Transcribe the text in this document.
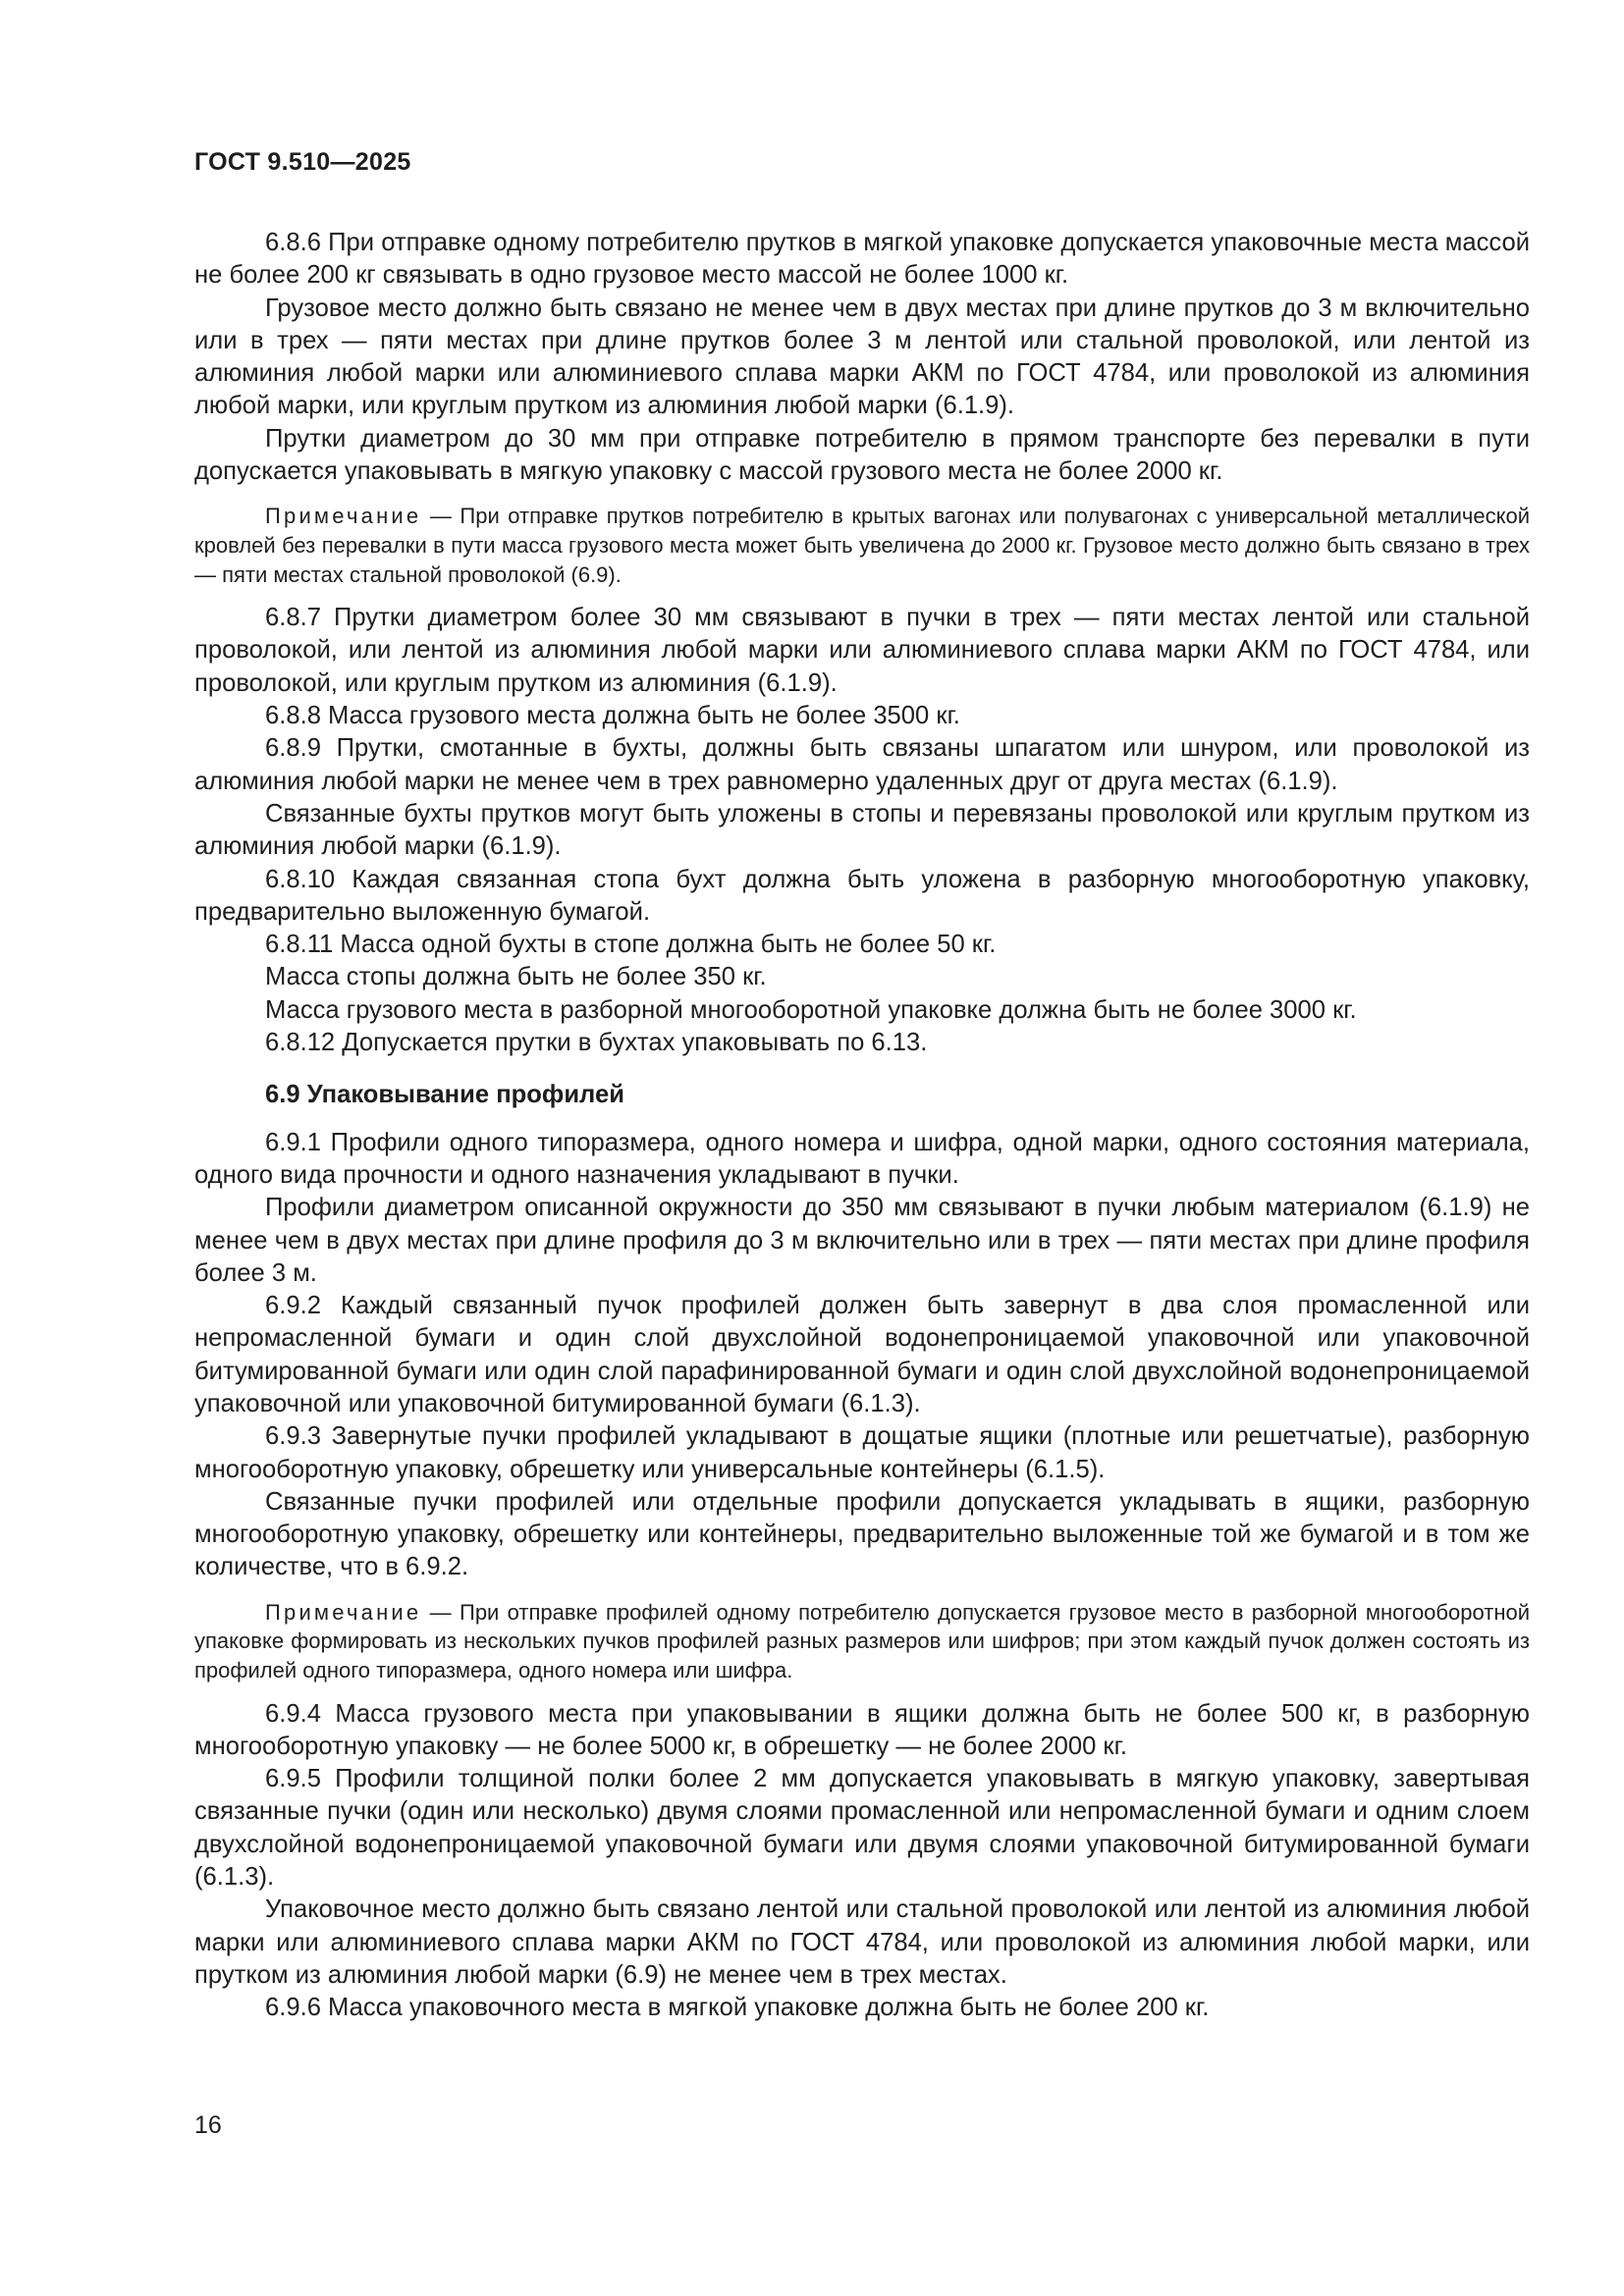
ГОСТ 9.510—2025

6.8.6 При отправке одному потребителю прутков в мягкой упаковке допускается упаковочные места массой не более 200 кг связывать в одно грузовое место массой не более 1000 кг.

Грузовое место должно быть связано не менее чем в двух местах при длине прутков до 3 м включительно или в трех — пяти местах при длине прутков более 3 м лентой или стальной проволокой, или лентой из алюминия любой марки или алюминиевого сплава марки АКМ по ГОСТ 4784, или проволокой из алюминия любой марки, или круглым прутком из алюминия любой марки (6.1.9).

Прутки диаметром до 30 мм при отправке потребителю в прямом транспорте без перевалки в пути допускается упаковывать в мягкую упаковку с массой грузового места не более 2000 кг.

Примечание — При отправке прутков потребителю в крытых вагонах или полувагонах с универсальной металлической кровлей без перевалки в пути масса грузового места может быть увеличена до 2000 кг. Грузовое место должно быть связано в трех — пяти местах стальной проволокой (6.9).

6.8.7 Прутки диаметром более 30 мм связывают в пучки в трех — пяти местах лентой или стальной проволокой, или лентой из алюминия любой марки или алюминиевого сплава марки АКМ по ГОСТ 4784, или проволокой, или круглым прутком из алюминия (6.1.9).

6.8.8 Масса грузового места должна быть не более 3500 кг.

6.8.9 Прутки, смотанные в бухты, должны быть связаны шпагатом или шнуром, или проволокой из алюминия любой марки не менее чем в трех равномерно удаленных друг от друга местах (6.1.9).

Связанные бухты прутков могут быть уложены в стопы и перевязаны проволокой или круглым прутком из алюминия любой марки (6.1.9).

6.8.10 Каждая связанная стопа бухт должна быть уложена в разборную многооборотную упаковку, предварительно выложенную бумагой.

6.8.11 Масса одной бухты в стопе должна быть не более 50 кг.

Масса стопы должна быть не более 350 кг.

Масса грузового места в разборной многооборотной упаковке должна быть не более 3000 кг.

6.8.12 Допускается прутки в бухтах упаковывать по 6.13.

6.9 Упаковывание профилей

6.9.1 Профили одного типоразмера, одного номера и шифра, одной марки, одного состояния материала, одного вида прочности и одного назначения укладывают в пучки.

Профили диаметром описанной окружности до 350 мм связывают в пучки любым материалом (6.1.9) не менее чем в двух местах при длине профиля до 3 м включительно или в трех — пяти местах при длине профиля более 3 м.

6.9.2 Каждый связанный пучок профилей должен быть завернут в два слоя промасленной или непромасленной бумаги и один слой двухслойной водонепроницаемой упаковочной или упаковочной битумированной бумаги или один слой парафинированной бумаги и один слой двухслойной водонепроницаемой упаковочной или упаковочной битумированной бумаги (6.1.3).

6.9.3 Завернутые пучки профилей укладывают в дощатые ящики (плотные или решетчатые), разборную многооборотную упаковку, обрешетку или универсальные контейнеры (6.1.5).

Связанные пучки профилей или отдельные профили допускается укладывать в ящики, разборную многооборотную упаковку, обрешетку или контейнеры, предварительно выложенные той же бумагой и в том же количестве, что в 6.9.2.

Примечание — При отправке профилей одному потребителю допускается грузовое место в разборной многооборотной упаковке формировать из нескольких пучков профилей разных размеров или шифров; при этом каждый пучок должен состоять из профилей одного типоразмера, одного номера или шифра.

6.9.4 Масса грузового места при упаковывании в ящики должна быть не более 500 кг, в разборную многооборотную упаковку — не более 5000 кг, в обрешетку — не более 2000 кг.

6.9.5 Профили толщиной полки более 2 мм допускается упаковывать в мягкую упаковку, завертывая связанные пучки (один или несколько) двумя слоями промасленной или непромасленной бумаги и одним слоем двухслойной водонепроницаемой упаковочной бумаги или двумя слоями упаковочной битумированной бумаги (6.1.3).

Упаковочное место должно быть связано лентой или стальной проволокой или лентой из алюминия любой марки или алюминиевого сплава марки АКМ по ГОСТ 4784, или проволокой из алюминия любой марки, или прутком из алюминия любой марки (6.9) не менее чем в трех местах.

6.9.6 Масса упаковочного места в мягкой упаковке должна быть не более 200 кг.

16
